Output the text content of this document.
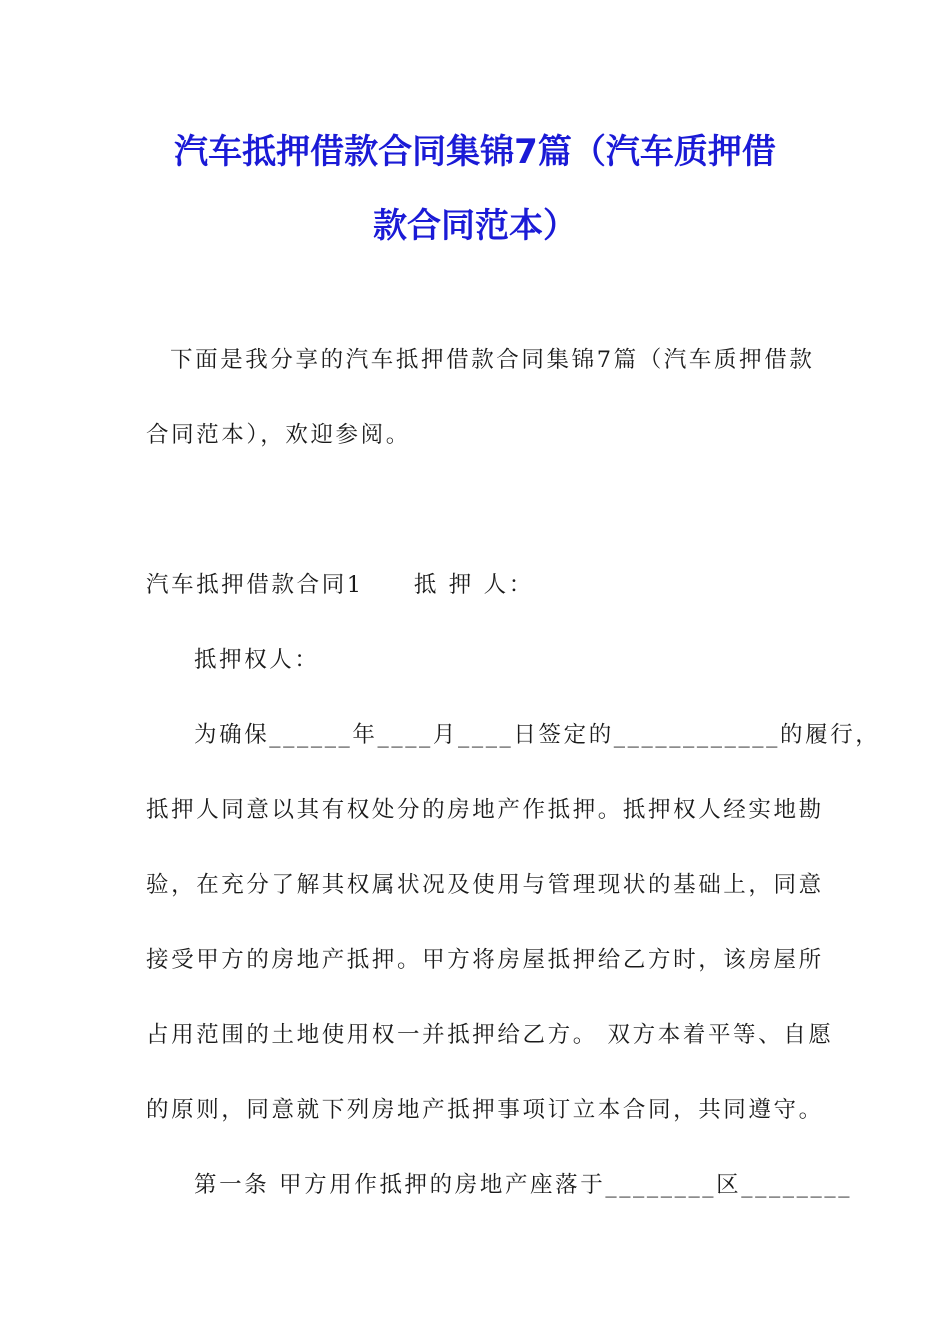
汽车抵押借款合同集锦7篇（汽车质押借
款合同范本）
下面是我分享的汽车抵押借款合同集锦7篇（汽车质押借款
合同范本），欢迎参阅。
汽车抵押借款合同1　　抵 押 人：
抵押权人：
为确保______年____月____日签定的____________的履行，
抵押人同意以其有权处分的房地产作抵押。抵押权人经实地勘
验，在充分了解其权属状况及使用与管理现状的基础上，同意
接受甲方的房地产抵押。甲方将房屋抵押给乙方时，该房屋所
占用范围的土地使用权一并抵押给乙方。 双方本着平等、自愿
的原则，同意就下列房地产抵押事项订立本合同，共同遵守。
第一条 甲方用作抵押的房地产座落于________区________
